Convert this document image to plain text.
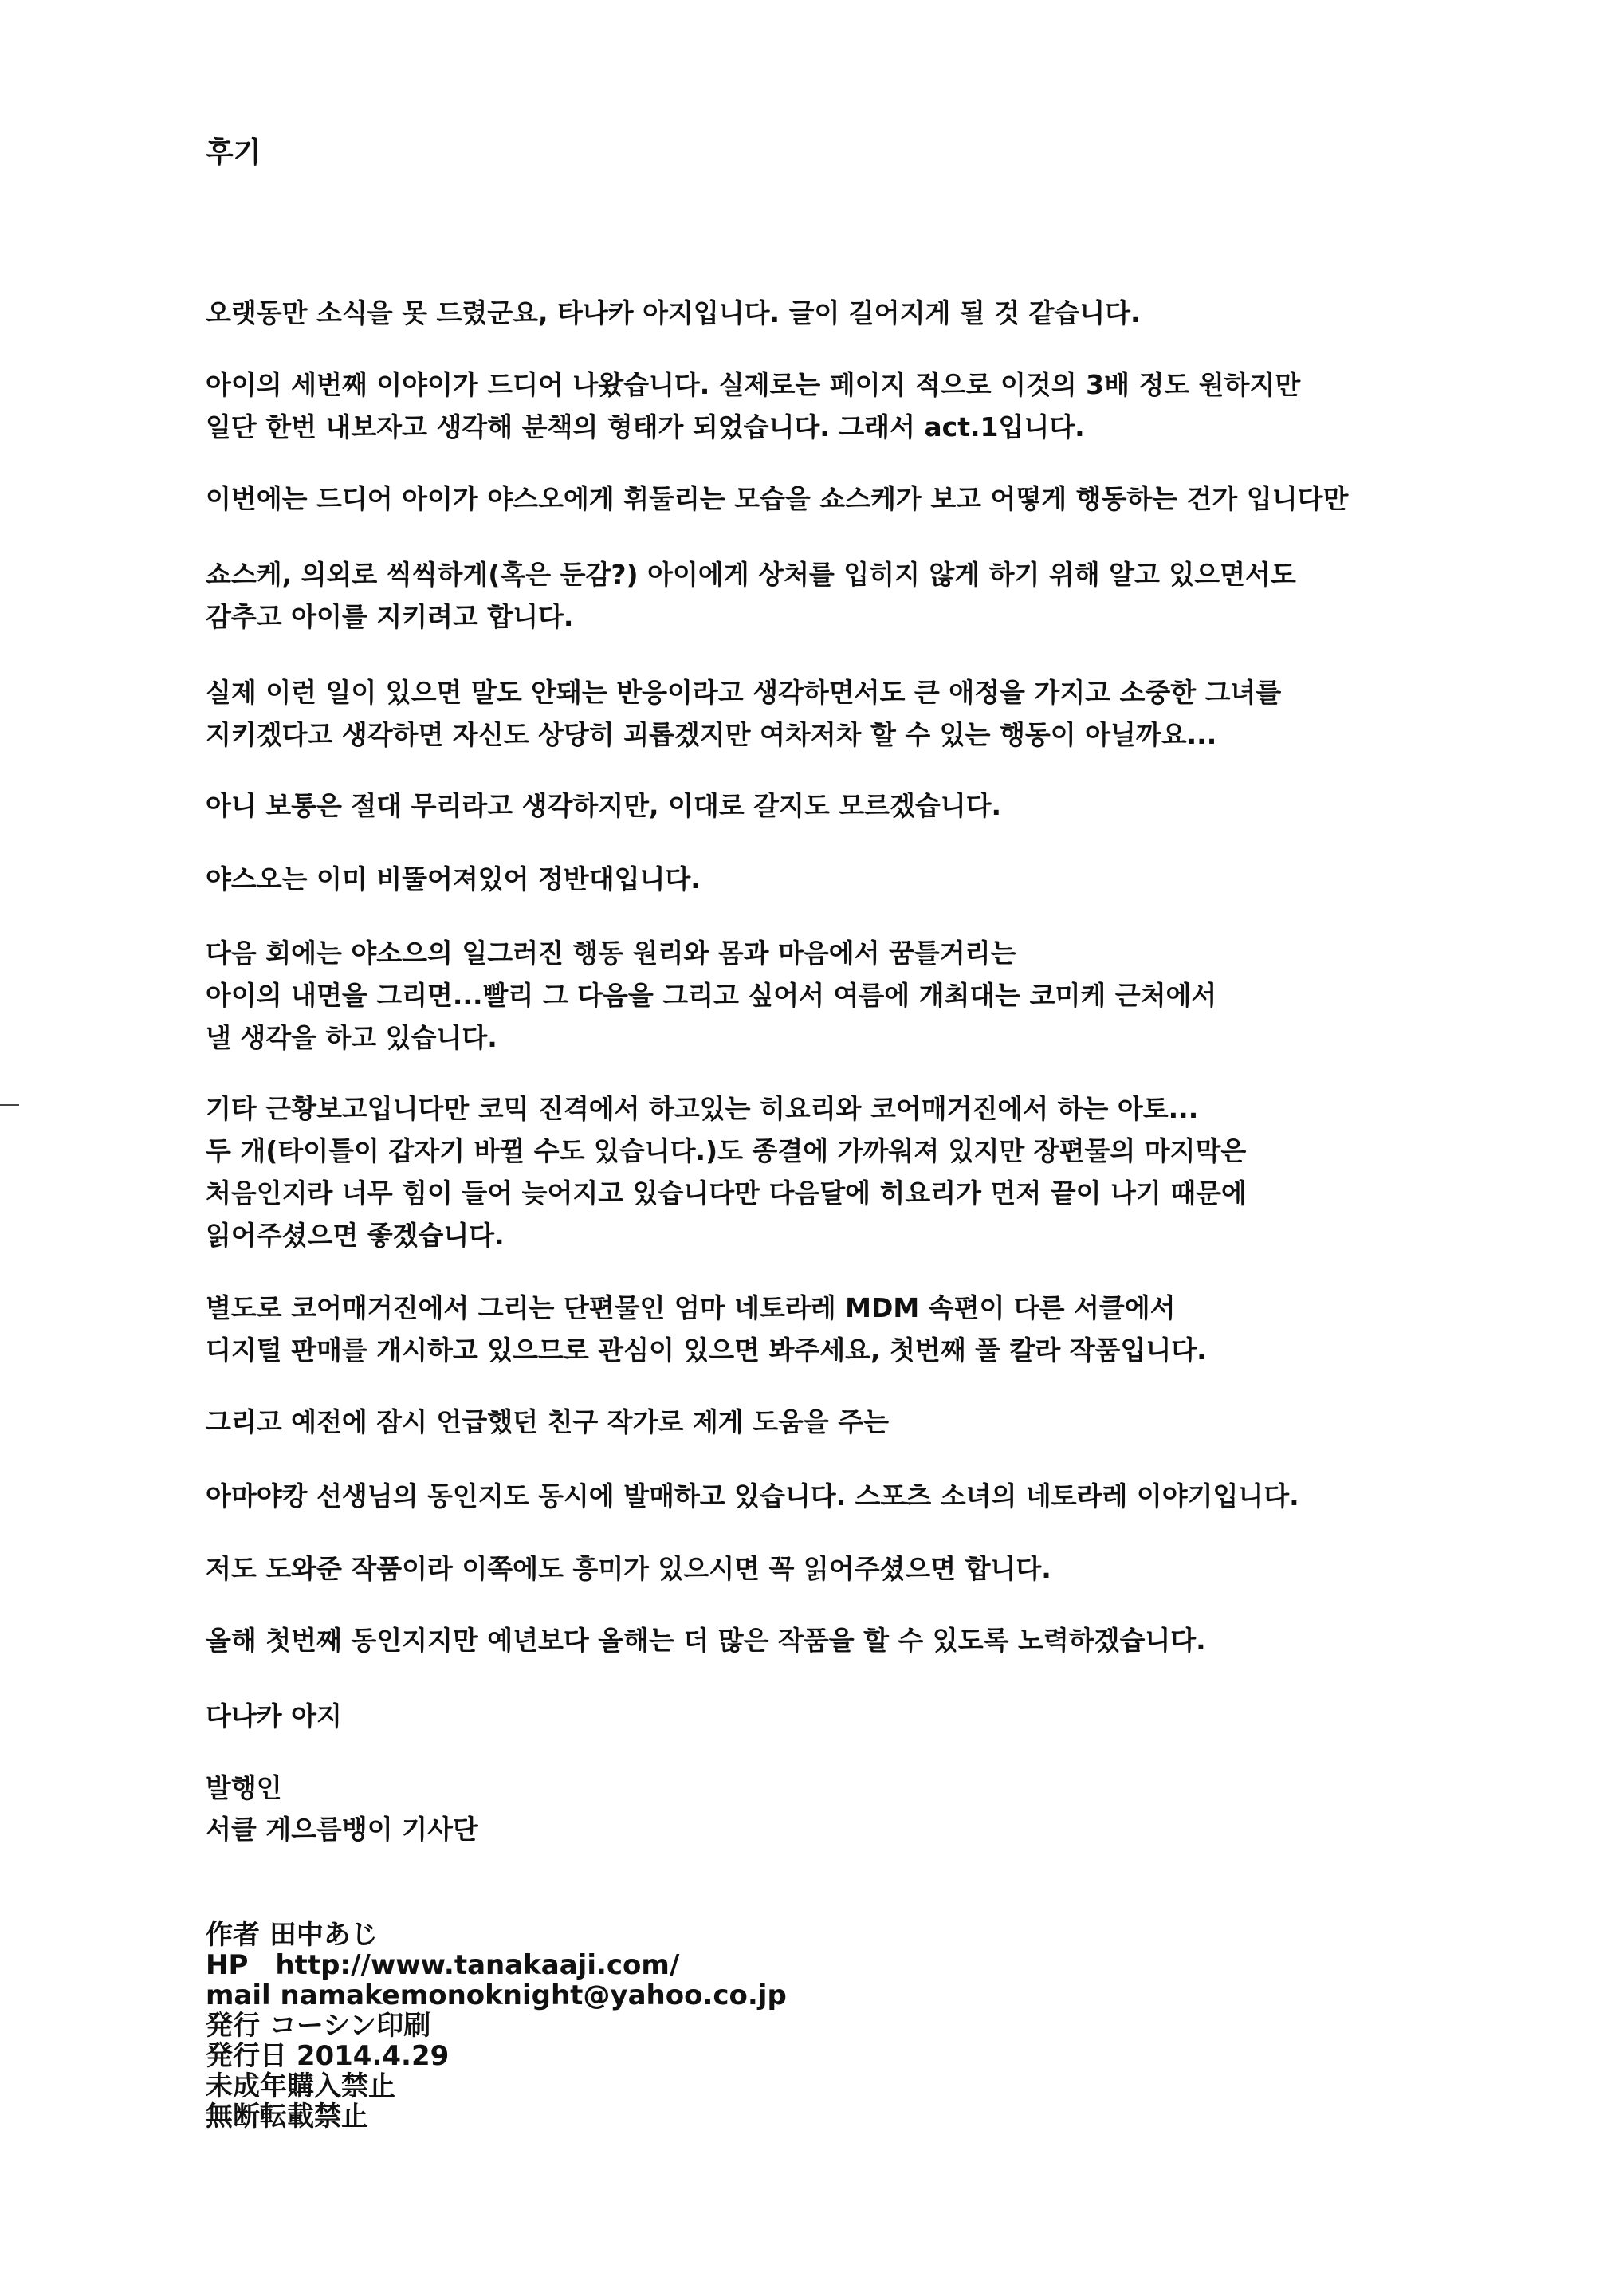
후기

오랫동만 소식을 못 드렸군요, 타나카 아지입니다. 글이 길어지게 될 것 같습니다.

아이의 세번째 이야이가 드디어 나왔습니다. 실제로는 페이지 적으로 이것의 3배 정도 원하지만

일단 한번 내보자고 생각해 분책의 형태가 되었습니다. 그래서 act.1입니다.

이번에는 드디어 아이가 야스오에게 휘둘리는 모습을 쇼스케가 보고 어떻게 행동하는 건가 입니다만

쇼스케, 의외로 씩씩하게(혹은 둔감?) 아이에게 상처를 입히지 않게 하기 위해 알고 있으면서도

감추고 아이를 지키려고 합니다.

실제 이런 일이 있으면 말도 안돼는 반응이라고 생각하면서도 큰 애정을 가지고 소중한 그녀를

지키겠다고 생각하면 자신도 상당히 괴롭겠지만 여차저차 할 수 있는 행동이 아닐까요...

아니 보통은 절대 무리라고 생각하지만, 이대로 갈지도 모르겠습니다.

야스오는 이미 비뚤어져있어 정반대입니다.

다음 회에는 야소으의 일그러진 행동 원리와 몸과 마음에서 꿈틀거리는

아이의 내면을 그리면...빨리 그 다음을 그리고 싶어서 여름에 개최대는 코미케 근처에서

낼 생각을 하고 있습니다.

기타 근황보고입니다만 코믹 진격에서 하고있는 히요리와 코어매거진에서 하는 아토...

두 개(타이틀이 갑자기 바뀔 수도 있습니다.)도 종결에 가까워져 있지만 장편물의 마지막은

처음인지라 너무 힘이 들어 늦어지고 있습니다만 다음달에 히요리가 먼저 끝이 나기 때문에

읽어주셨으면 좋겠습니다.

별도로 코어매거진에서 그리는 단편물인 엄마 네토라레 MDM 속편이 다른 서클에서

디지털 판매를 개시하고 있으므로 관심이 있으면 봐주세요, 첫번째 풀 칼라 작품입니다.

그리고 예전에 잠시 언급했던 친구 작가로 제게 도움을 주는

아마야캉 선생님의 동인지도 동시에 발매하고 있습니다. 스포츠 소녀의 네토라레 이야기입니다.

저도 도와준 작품이라 이쪽에도 흥미가 있으시면 꼭 읽어주셨으면 합니다.

올해 첫번째 동인지지만 예년보다 올해는 더 많은 작품을 할 수 있도록 노력하겠습니다.

다나카 아지

발행인

서클 게으름뱅이 기사단

作者 田中あじ
HP　http://www.tanakaaji.com/
mail namakemonoknight@yahoo.co.jp
発行 コーシン印刷
発行日 2014.4.29
未成年購入禁止
無断転載禁止
